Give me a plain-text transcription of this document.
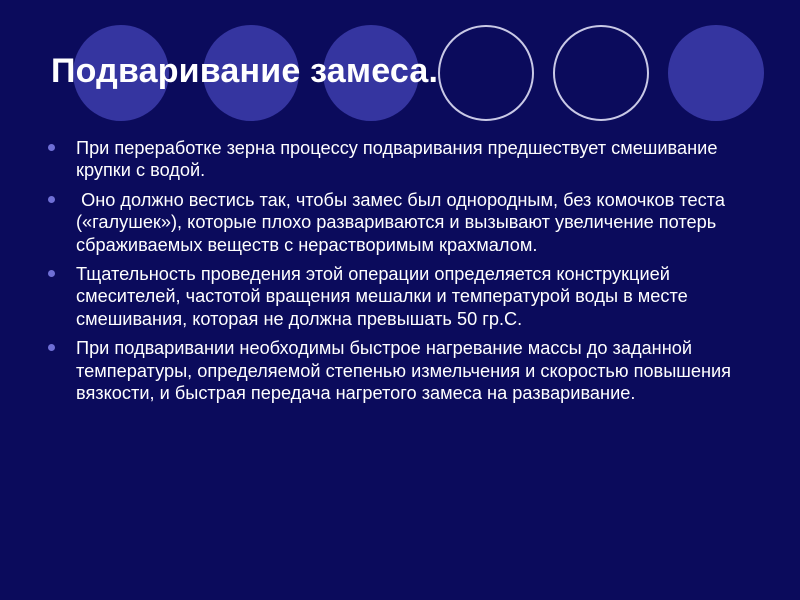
Подваривание замеса.
При переработке зерна процессу подваривания предшествует смешивание крупки с водой.
Оно должно вестись так, чтобы замес был однородным, без комочков теста («галушек»), которые плохо развариваются и вызывают увеличение потерь сбраживаемых веществ с нерастворимым крахмалом.
Тщательность проведения этой операции определяется конструкцией смесителей, частотой вращения мешалки и температурой воды в месте смешивания, которая не должна превышать 50 гр.С.
При подваривании необходимы быстрое нагревание массы до заданной температуры, определяемой степенью измельчения и скоростью повышения вязкости, и быстрая передача нагретого замеса на разваривание.
